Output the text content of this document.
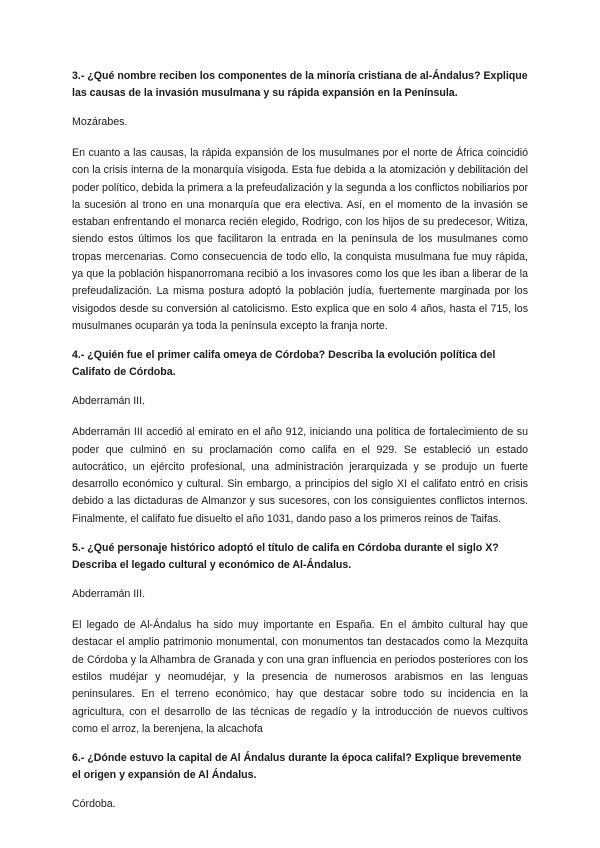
3.- ¿Qué nombre reciben los componentes de la minoría cristiana de al-Ándalus? Explique las causas de la invasión musulmana y su rápida expansión en la Península.

Mozárabes.

En cuanto a las causas, la rápida expansión de los musulmanes por el norte de África coincidió con la crisis interna de la monarquía visigoda. Esta fue debida a la atomización y debilitación del poder político, debida la primera a la prefeudalización y la segunda a los conflictos nobiliarios por la sucesión al trono en una monarquía que era electiva. Así, en el momento de la invasión se estaban enfrentando el monarca recién elegido, Rodrigo, con los hijos de su predecesor, Witiza, siendo estos últimos los que facilitaron la entrada en la península de los musulmanes como tropas mercenarias. Como consecuencia de todo ello, la conquista musulmana fue muy rápida, ya que la población hispanorromana recibió a los invasores como los que les iban a liberar de la prefeudalización. La misma postura adoptó la población judía, fuertemente marginada por los visigodos desde su conversión al catolicismo. Esto explica que en solo 4 años, hasta el 715, los musulmanes ocuparán ya toda la península excepto la franja norte.

4.- ¿Quién fue el primer califa omeya de Córdoba? Describa la evolución política del Califato de Córdoba.

Abderramán III.

Abderramán III accedió al emirato en el año 912, iniciando una política de fortalecimiento de su poder que culminó en su proclamación como califa en el 929. Se estableció un estado autocrático, un ejército profesional, una administración jerarquizada y se produjo un fuerte desarrollo económico y cultural. Sin embargo, a principios del siglo XI el califato entró en crisis debido a las dictaduras de Almanzor y sus sucesores, con los consiguientes conflictos internos. Finalmente, el califato fue disuelto el año 1031, dando paso a los primeros reinos de Taifas.

5.- ¿Qué personaje histórico adoptó el título de califa en Córdoba durante el siglo X? Describa el legado cultural y económico de Al-Ándalus.

Abderramán III.

El legado de Al-Ándalus ha sido muy importante en España. En el ámbito cultural hay que destacar el amplio patrimonio monumental, con monumentos tan destacados como la Mezquita de Córdoba y la Alhambra de Granada y con una gran influencia en periodos posteriores con los estilos mudéjar y neomudéjar, y la presencia de numerosos arabismos en las lenguas peninsulares. En el terreno económico, hay que destacar sobre todo su incidencia en la agricultura, con el desarrollo de las técnicas de regadío y la introducción de nuevos cultivos como el arroz, la berenjena, la alcachofa

6.- ¿Dónde estuvo la capital de Al Ándalus durante la época califal? Explique brevemente el origen y expansión de Al Ándalus.

Córdoba.
